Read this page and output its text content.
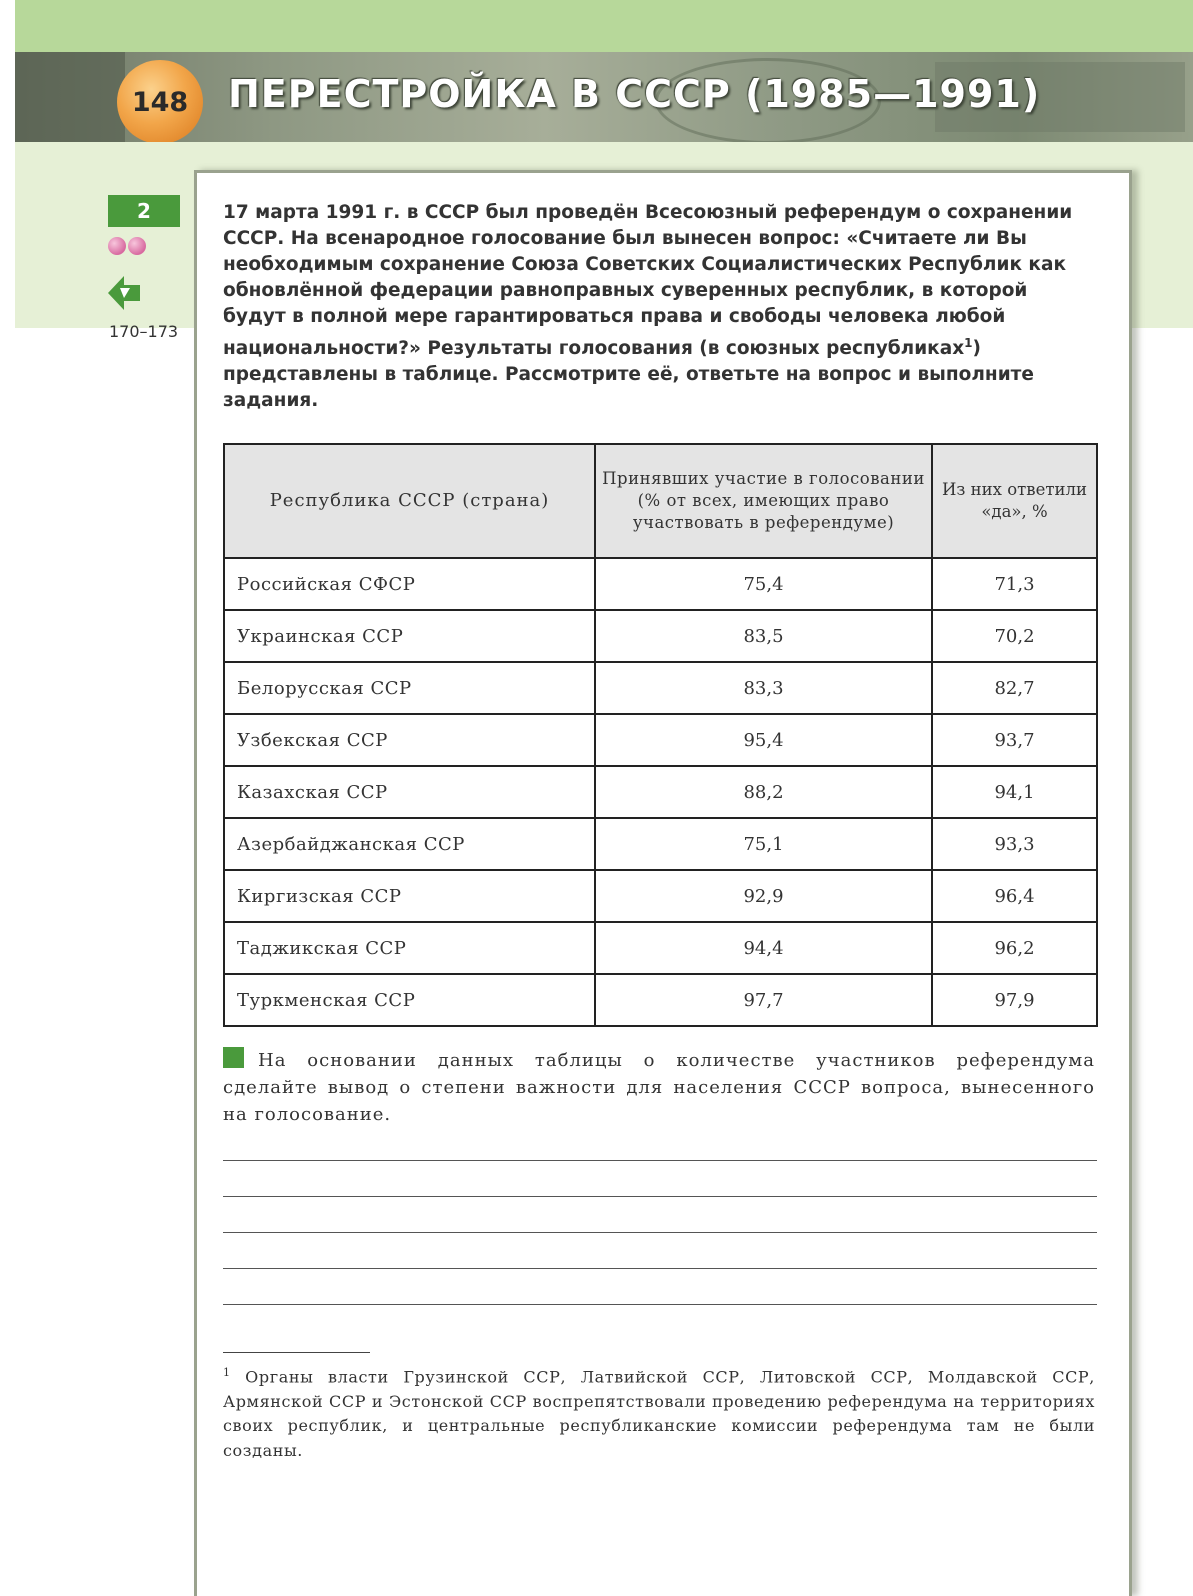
148	ПЕРЕСТРОЙКА В СССР (1985—1991)
2
170–173
17 марта 1991 г. в СССР был проведён Всесоюзный референдум о сохранении СССР. На всенародное голосование был вынесен вопрос: «Считаете ли Вы необходимым сохранение Союза Советских Социалистических Республик как обновлённой федерации равноправных суверенных республик, в которой будут в полной мере гарантироваться права и свободы человека любой национальности?» Результаты голосования (в союзных республиках$^1$) представлены в таблице. Рассмотрите её, ответьте на вопрос и выполните задания.
Республика СССР (страна)	Принявших участие в голосовании (% от всех, имеющих право участвовать в референдуме)	Из них ответили «да», %
Российская СФСР	75,4	71,3
Украинская ССР	83,5	70,2
Белорусская ССР	83,3	82,7
Узбекская ССР	95,4	93,7
Казахская ССР	88,2	94,1
Азербайджанская ССР	75,1	93,3
Киргизская ССР	92,9	96,4
Таджикская ССР	94,4	96,2
Туркменская ССР	97,7	97,9
На основании данных таблицы о количестве участников референдума сделайте вывод о степени важности для населения СССР вопроса, вынесенного на голосование.
$^1$ Органы власти Грузинской ССР, Латвийской ССР, Литовской ССР, Молдавской ССР, Армянской ССР и Эстонской ССР воспрепятствовали проведению референдума на территориях своих республик, и центральные республиканские комиссии референдума там не были созданы.
